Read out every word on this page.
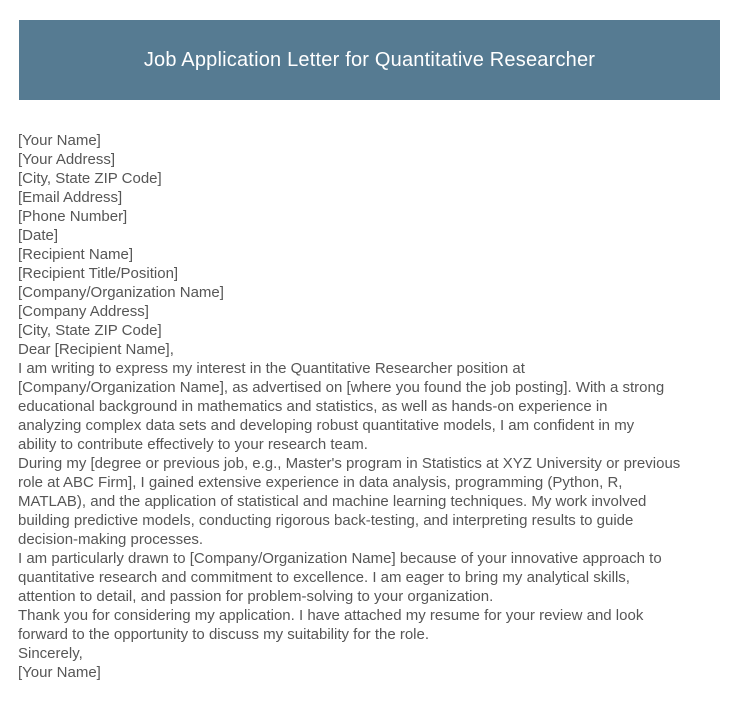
Job Application Letter for Quantitative Researcher
[Your Name]
[Your Address]
[City, State ZIP Code]
[Email Address]
[Phone Number]
[Date]
[Recipient Name]
[Recipient Title/Position]
[Company/Organization Name]
[Company Address]
[City, State ZIP Code]
Dear [Recipient Name],
I am writing to express my interest in the Quantitative Researcher position at
[Company/Organization Name], as advertised on [where you found the job posting]. With a strong
educational background in mathematics and statistics, as well as hands-on experience in
analyzing complex data sets and developing robust quantitative models, I am confident in my
ability to contribute effectively to your research team.
During my [degree or previous job, e.g., Master's program in Statistics at XYZ University or previous
role at ABC Firm], I gained extensive experience in data analysis, programming (Python, R,
MATLAB), and the application of statistical and machine learning techniques. My work involved
building predictive models, conducting rigorous back-testing, and interpreting results to guide
decision-making processes.
I am particularly drawn to [Company/Organization Name] because of your innovative approach to
quantitative research and commitment to excellence. I am eager to bring my analytical skills,
attention to detail, and passion for problem-solving to your organization.
Thank you for considering my application. I have attached my resume for your review and look
forward to the opportunity to discuss my suitability for the role.
Sincerely,
[Your Name]
